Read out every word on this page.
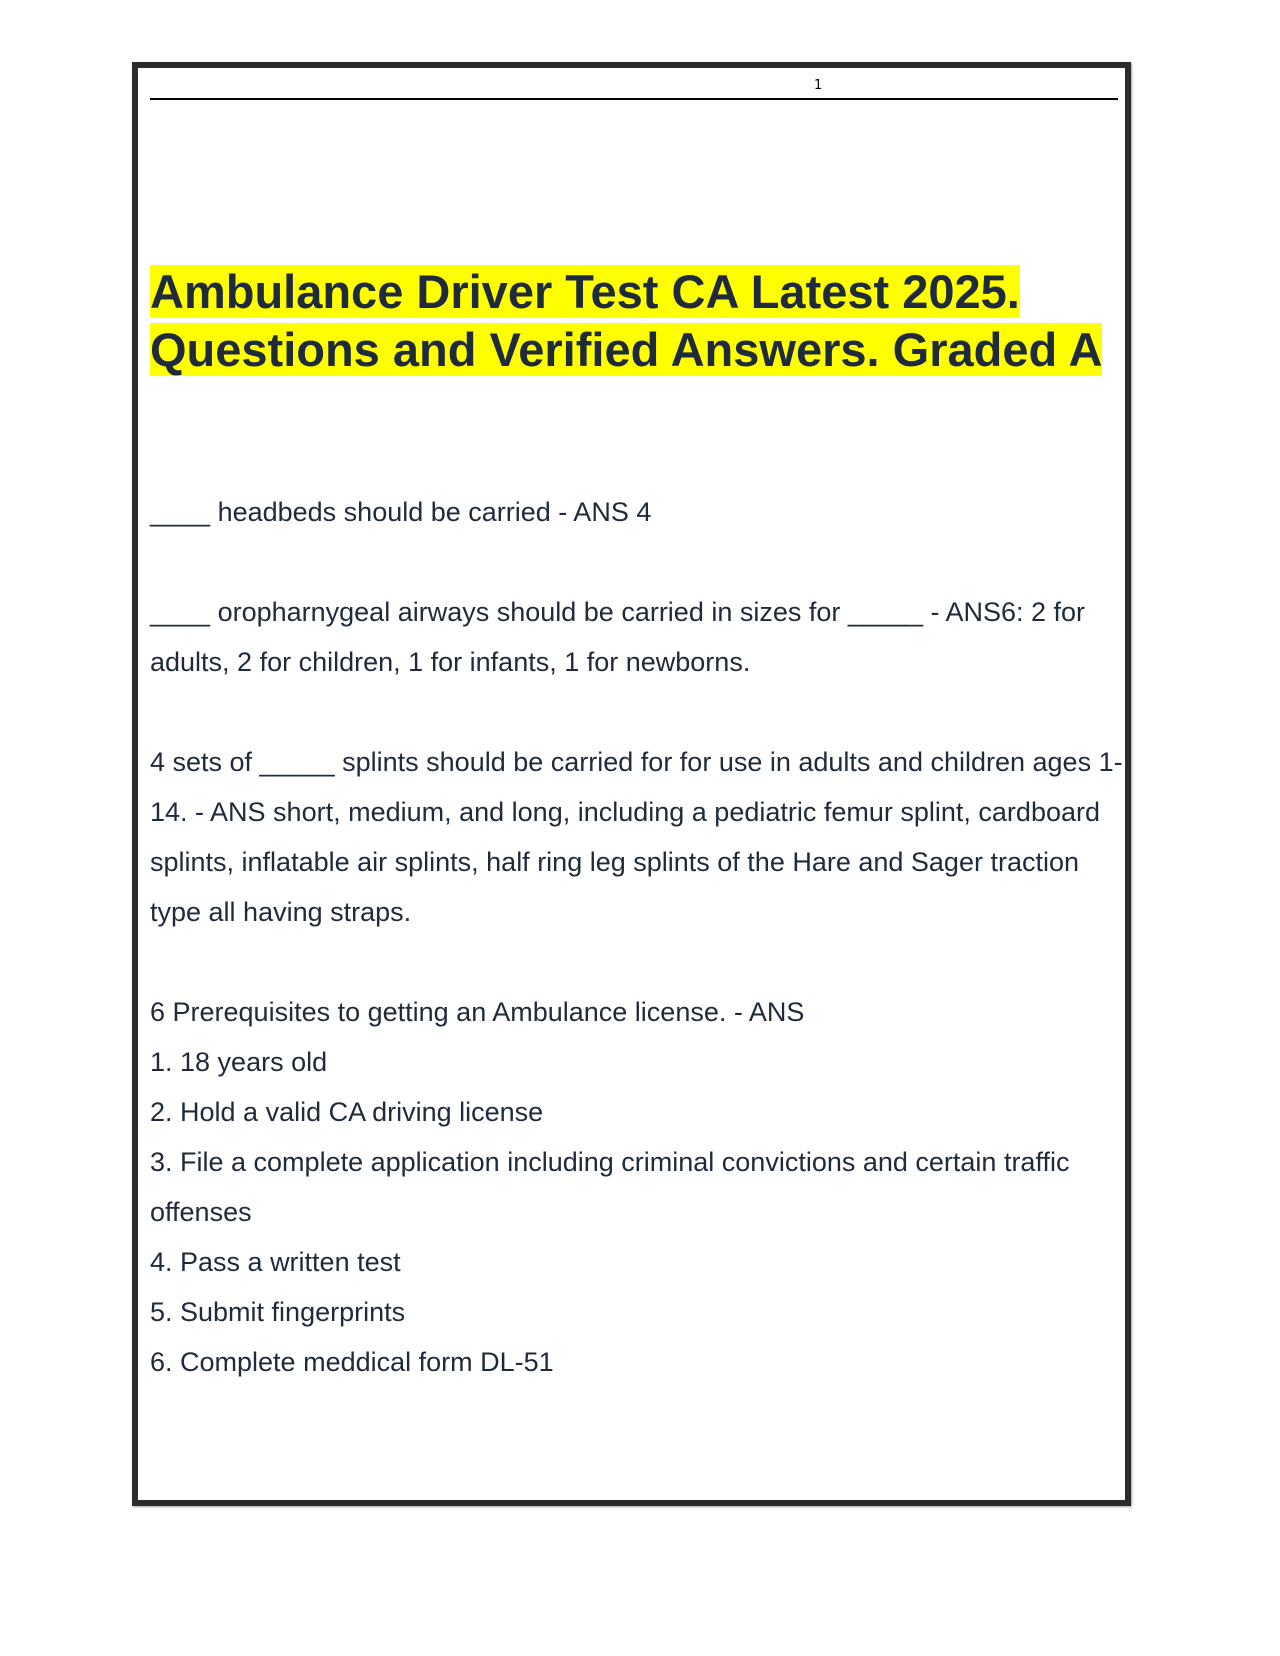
1
Ambulance Driver Test CA Latest 2025. Questions and Verified Answers. Graded A

____ headbeds should be carried - ANS 4

____ oropharnygeal airways should be carried in sizes for _____ - ANS6: 2 for adults, 2 for children, 1 for infants, 1 for newborns.

4 sets of _____ splints should be carried for for use in adults and children ages 1-14. - ANS short, medium, and long, including a pediatric femur splint, cardboard splints, inflatable air splints, half ring leg splints of the Hare and Sager traction type all having straps.

6 Prerequisites to getting an Ambulance license. - ANS
1. 18 years old
2. Hold a valid CA driving license
3. File a complete application including criminal convictions and certain traffic offenses
4. Pass a written test
5. Submit fingerprints
6. Complete meddical form DL-51
